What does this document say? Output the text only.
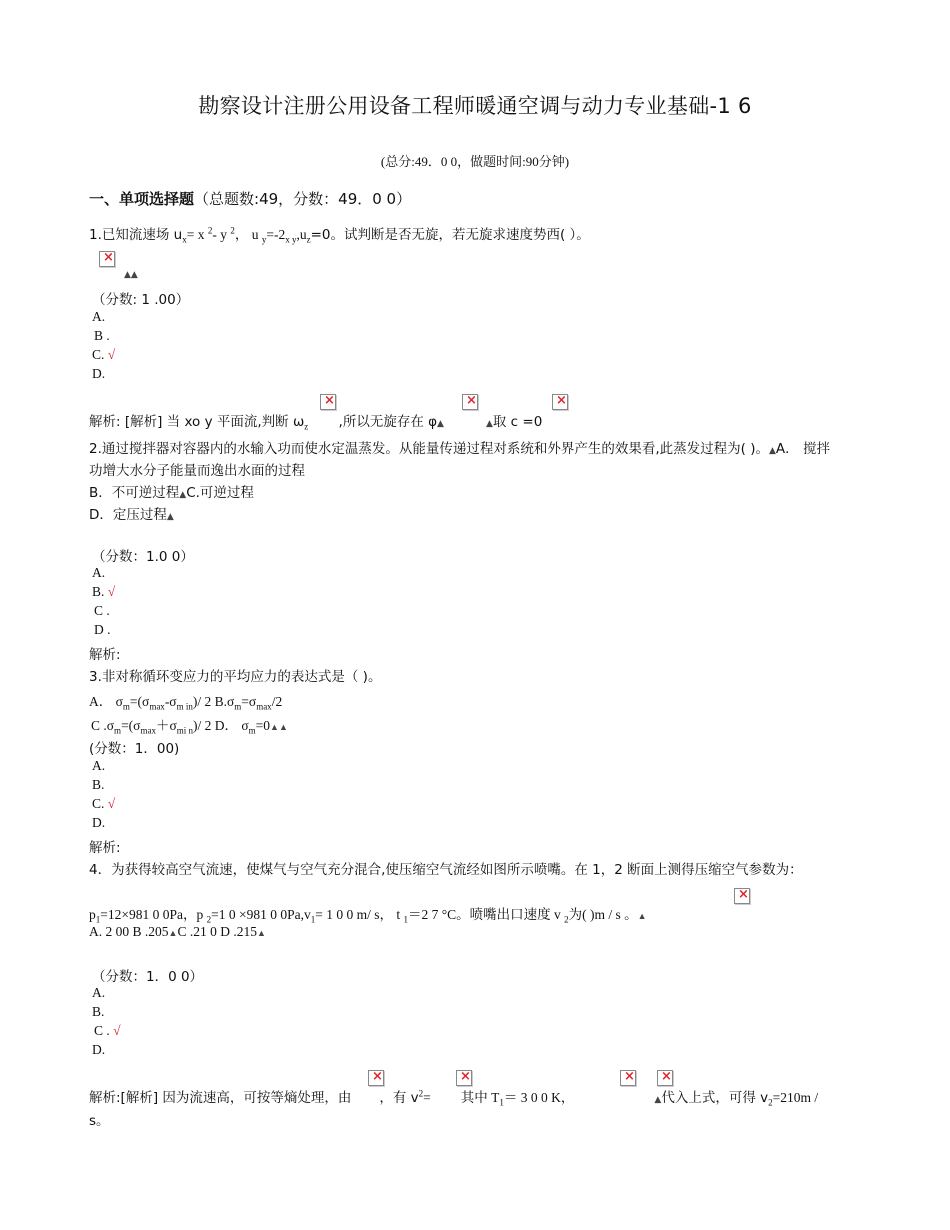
勘察设计注册公用设备工程师暖通空调与动力专业基础-1 6
(总分:49．0 0，做题时间:90分钟)
一、单项选择题（总题数:49，分数：49．0 0）
1.已知流速场 $u_x= x$ $^2$- y $^2$， u $_y=-2_{x y},u_z=0$。试判断是否无旋，若无旋求速度势西( ）。
×
▲▲
（分数: 1 .00）
A.
B .
C. √
D.
解析: [解析] 当 xo y 平面流,判断 $\omega_z$ ,所以无旋存在 φ▲	▲取 c =0
×
×
×
2.通过搅拌器对容器内的水输入功而使水定温蒸发。从能量传递过程对系统和外界产生的效果看,此蒸发过程为( )。▲A． 搅拌
功增大水分子能量而逸出水面的过程
B．不可逆过程▲C.可逆过程
D．定压过程▲
（分数：1.0 0）
A.
B. √
C .
D .
解析:
3.非对称循环变应力的平均应力的表达式是（ )。
A． $\sigma_m=(\sigma_{max}-\sigma_{m in})/$ 2 $B.\sigma_m=\sigma_{max}/2$
C $.\sigma_m=(\sigma_{max}+\sigma_{mi n})/$ 2 D． $\sigma_m=0▲▲$
(分数：1．00)
A.
B.
C. √
D.
解析:
4．为获得较高空气流速，使煤气与空气充分混合,使压缩空气流经如图所示喷嘴。在 1，2 断面上测得压缩空气参数为：
$p_1=12\times 981$ 0 0Pa，p $_2$=1 0 ×981 0 $0Pa,v_1= 1$ 0 0 m/ s， t $_1$＝2 7 °C。喷嘴出口速度 v $_2$为( )m / s 。▲
×
A. 2 00 B .205▲C .21 0 D .215▲
（分数：1．0 0）
A.
B.
C . √
D.
解析:[解析] 因为流速高，可按等熵处理，由 ，有 $v^2=$ 其中 $T_1= 3$ 0 0 K，	▲代入上式，可得 $v_2=210m$ /
s。
×
×
×
×
